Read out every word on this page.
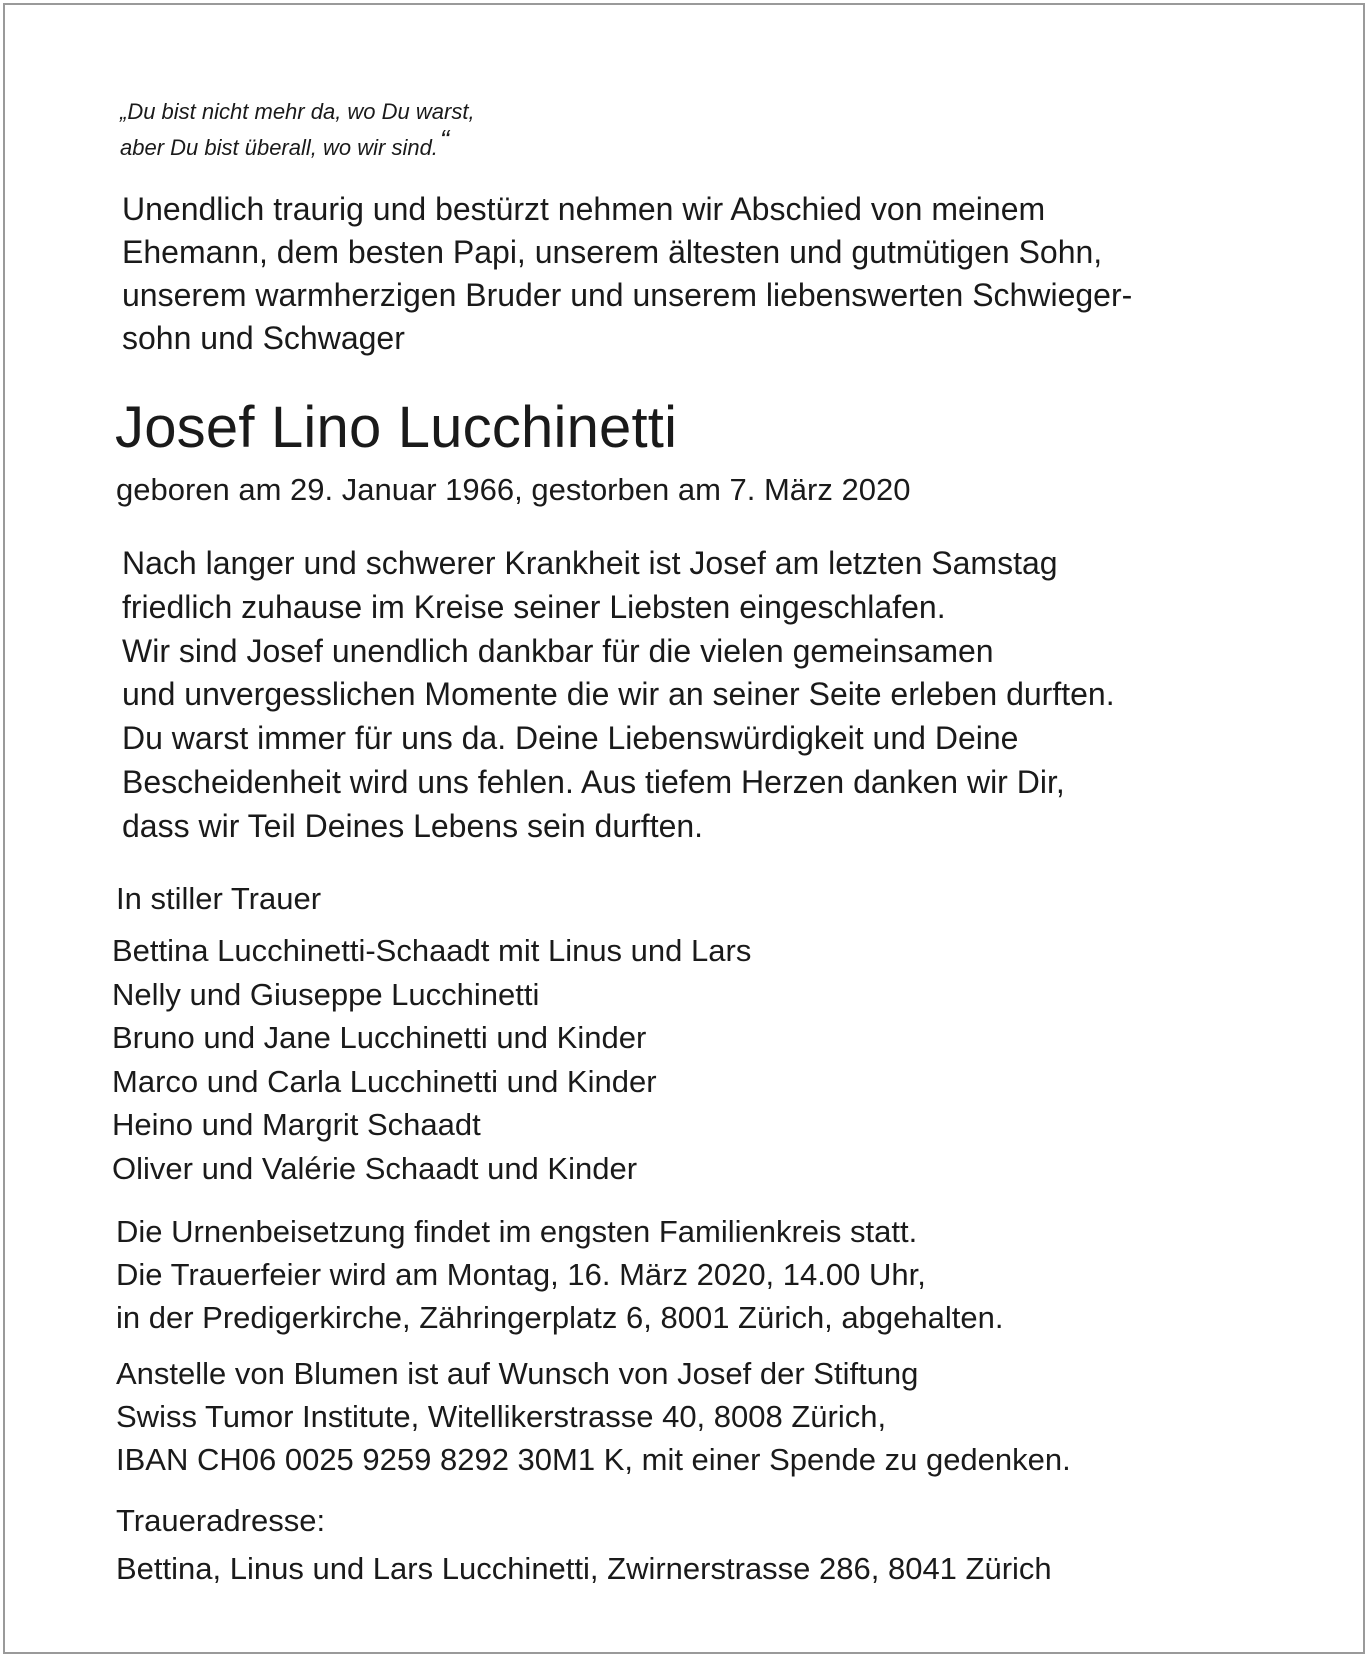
„Du bist nicht mehr da, wo Du warst,
aber Du bist überall, wo wir sind.“
Unendlich traurig und bestürzt nehmen wir Abschied von meinem
Ehemann, dem besten Papi, unserem ältesten und gutmütigen Sohn,
unserem warmherzigen Bruder und unserem liebenswerten Schwieger-
sohn und Schwager
Josef Lino Lucchinetti
geboren am 29. Januar 1966, gestorben am 7. März 2020
Nach langer und schwerer Krankheit ist Josef am letzten Samstag
friedlich zuhause im Kreise seiner Liebsten eingeschlafen.
Wir sind Josef unendlich dankbar für die vielen gemeinsamen
und unvergesslichen Momente die wir an seiner Seite erleben durften.
Du warst immer für uns da. Deine Liebenswürdigkeit und Deine
Bescheidenheit wird uns fehlen. Aus tiefem Herzen danken wir Dir,
dass wir Teil Deines Lebens sein durften.
In stiller Trauer
Bettina Lucchinetti-Schaadt mit Linus und Lars
Nelly und Giuseppe Lucchinetti
Bruno und Jane Lucchinetti und Kinder
Marco und Carla Lucchinetti und Kinder
Heino und Margrit Schaadt
Oliver und Valérie Schaadt und Kinder
Die Urnenbeisetzung findet im engsten Familienkreis statt.
Die Trauerfeier wird am Montag, 16. März 2020, 14.00 Uhr,
in der Predigerkirche, Zähringerplatz 6, 8001 Zürich, abgehalten.
Anstelle von Blumen ist auf Wunsch von Josef der Stiftung
Swiss Tumor Institute, Witellikerstrasse 40, 8008 Zürich,
IBAN CH06 0025 9259 8292 30M1 K, mit einer Spende zu gedenken.
Traueradresse:
Bettina, Linus und Lars Lucchinetti, Zwirnerstrasse 286, 8041 Zürich
